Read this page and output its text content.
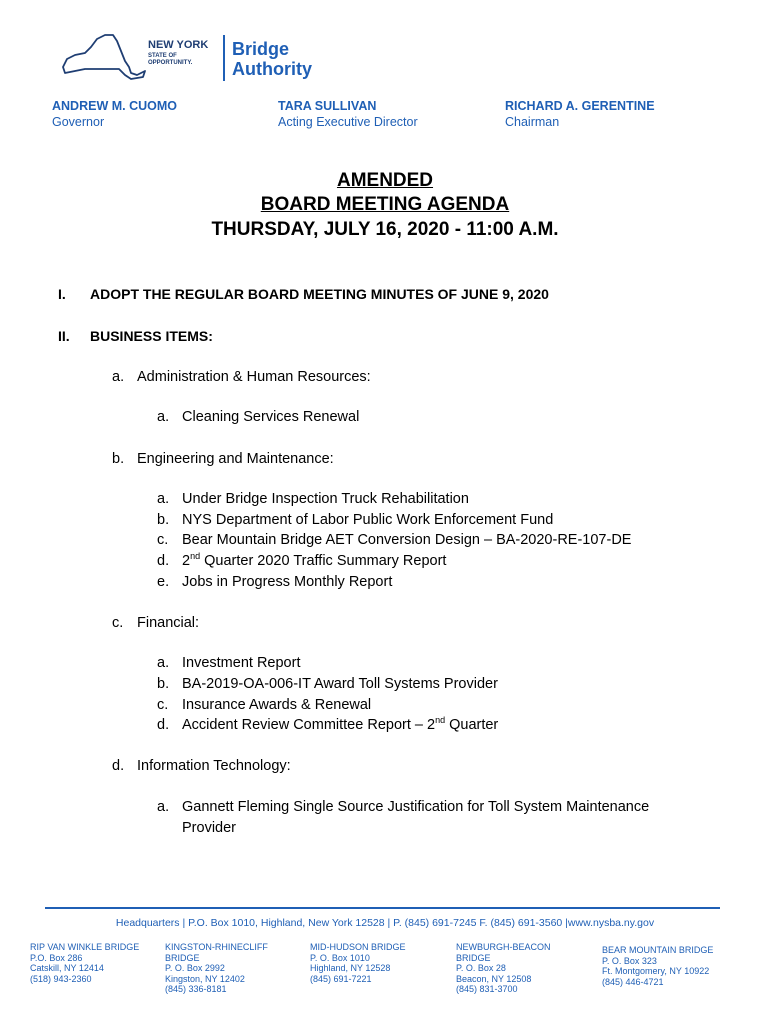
NEW YORK
STATE OF
OPPORTUNITY.
Bridge
Authority
ANDREW M. CUOMO
Governor
TARA SULLIVAN
Acting Executive Director
RICHARD A. GERENTINE
Chairman
AMENDED
BOARD MEETING AGENDA
THURSDAY, JULY 16, 2020 - 11:00 A.M.
I. ADOPT THE REGULAR BOARD MEETING MINUTES OF JUNE 9, 2020
II. BUSINESS ITEMS:
a. Administration & Human Resources:
a. Cleaning Services Renewal
b. Engineering and Maintenance:
a. Under Bridge Inspection Truck Rehabilitation
b. NYS Department of Labor Public Work Enforcement Fund
c. Bear Mountain Bridge AET Conversion Design – BA-2020-RE-107-DE
d. 2nd Quarter 2020 Traffic Summary Report
e. Jobs in Progress Monthly Report
c. Financial:
a. Investment Report
b. BA-2019-OA-006-IT Award Toll Systems Provider
c. Insurance Awards & Renewal
d. Accident Review Committee Report – 2nd Quarter
d. Information Technology:
a. Gannett Fleming Single Source Justification for Toll System Maintenance
Provider
Headquarters | P.O. Box 1010, Highland, New York 12528 | P. (845) 691-7245 F. (845) 691-3560 |www.nysba.ny.gov
RIP VAN WINKLE BRIDGE
P.O. Box 286
Catskill, NY 12414
(518) 943-2360
KINGSTON-RHINECLIFF
BRIDGE
P. O. Box 2992
Kingston, NY 12402
(845) 336-8181
MID-HUDSON BRIDGE
P. O. Box 1010
Highland, NY 12528
(845) 691-7221
NEWBURGH-BEACON
BRIDGE
P. O. Box 28
Beacon, NY 12508
(845) 831-3700
BEAR MOUNTAIN BRIDGE
P. O. Box 323
Ft. Montgomery, NY 10922
(845) 446-4721
